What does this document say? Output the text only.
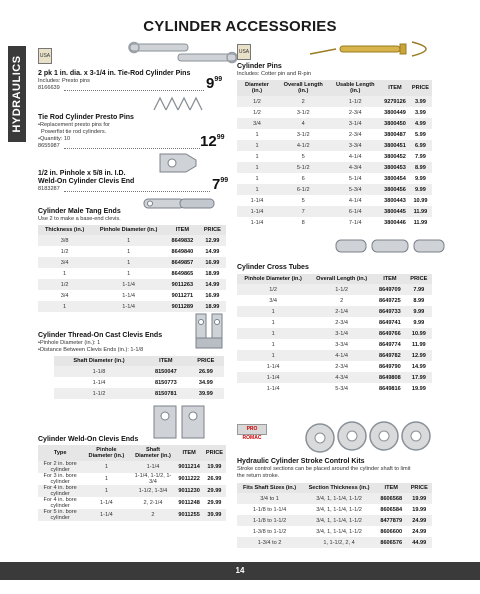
CYLINDER ACCESSORIES
HYDRAULICS	USA
2 pk 1 in. dia. x 3-1/4 in. Tie-Rod Cylinder Pins
Includes: Presto pins
8166639	$9^{99}$
Tie Rod Cylinder Presto Pins
•Replacement presto pins for
Powerfist tie rod cylinders.
•Quantity: 10
8655987	$12^{99}$
1/2 in. Pinhole x 5/8 in. I.D.
Weld-On Cylinder Clevis End
8183287	$7^{99}$
Cylinder Male Tang Ends
Use 2 to make a base-end clevis.
Thickness (in.)	Pinhole Diameter (in.)	ITEM	PRICE
3/8	1	8649832	12.99
1/2	1	8649840	14.99
3/4	1	8649857	16.99
1	1	8649865	18.99
1/2	1-1/4	9011263	14.99
3/4	1-1/4	9011271	16.99
1	1-1/4	9011289	18.99
Cylinder Thread-On Cast Clevis Ends
•Pinhole Diameter (in.): 1
•Distance Between Clevis Ends (in.): 1-1/8
Shaft Diameter (in.)	ITEM	PRICE
1-1/8	8150047	26.99
1-1/4	8150773	34.99
1-1/2	8150781	39.99
Cylinder Weld-On Clevis Ends
Type	Pinhole Diameter (in.)	Shaft Diameter (in.)	ITEM	PRICE
For 2 in. bore cylinder	1	1-1/4	9011214	19.99
For 3 in. bore cylinder	1	1-1/4, 1-1/2, 1-3/4	9011222	26.99
For 4 in. bore cylinder	1	1-1/2, 1-3/4	9011230	29.99
For 4 in. bore cylinder	1-1/4	2, 2-1/4	9011248	29.99
For 5 in. bore cylinder	1-1/4	2	9011255	39.99
USA
Cylinder Pins
Includes: Cotter pin and R-pin
Diameter (in.)	Overall Length (in.)	Usable Length (in.)	ITEM	PRICE
1/2	2	1-1/2	9279126	3.99
1/2	3-1/2	2-3/4	3800449	3.99
3/4	4	3-1/4	3800450	4.99
1	3-1/2	2-3/4	3800487	5.99
1	4-1/2	3-3/4	3800451	6.99
1	5	4-1/4	3800452	7.99
1	5-1/2	4-3/4	3800453	8.99
1	6	5-1/4	3800454	9.99
1	6-1/2	5-3/4	3800456	9.99
1-1/4	5	4-1/4	3800443	10.99
1-1/4	7	6-1/4	3800445	11.99
1-1/4	8	7-1/4	3800446	11.99
Cylinder Cross Tubes
Pinhole Diameter (in.)	Overall Length (in.)	ITEM	PRICE
1/2	1-1/2	8649709	7.99
3/4	2	8649725	8.99
1	2-1/4	8649733	9.99
1	2-3/4	8649741	9.99
1	3-1/4	8649766	10.99
1	3-3/4	8649774	11.99
1	4-1/4	8649782	12.99
1-1/4	2-3/4	8649790	14.99
1-1/4	4-3/4	8649808	17.99
1-1/4	5-3/4	8649816	19.99
PRO ROMAC
Hydraulic Cylinder Stroke Control Kits
Stroke control sections can be placed around the cylinder shaft to limit
the return stroke.
Fits Shaft Sizes (in.)	Section Thickness (in.)	ITEM	PRICE
3/4 to 1	3/4, 1, 1-1/4, 1-1/2	8606568	19.99
1-1/8 to 1-1/4	3/4, 1, 1-1/4, 1-1/2	8606584	19.99
1-1/8 to 1-1/2	3/4, 1, 1-1/4, 1-1/2	8477879	24.99
1-3/8 to 1-1/2	3/4, 1, 1-1/4, 1-1/2	8606600	24.99
1-3/4 to 2	1, 1-1/2, 2, 4	8606576	44.99
14
